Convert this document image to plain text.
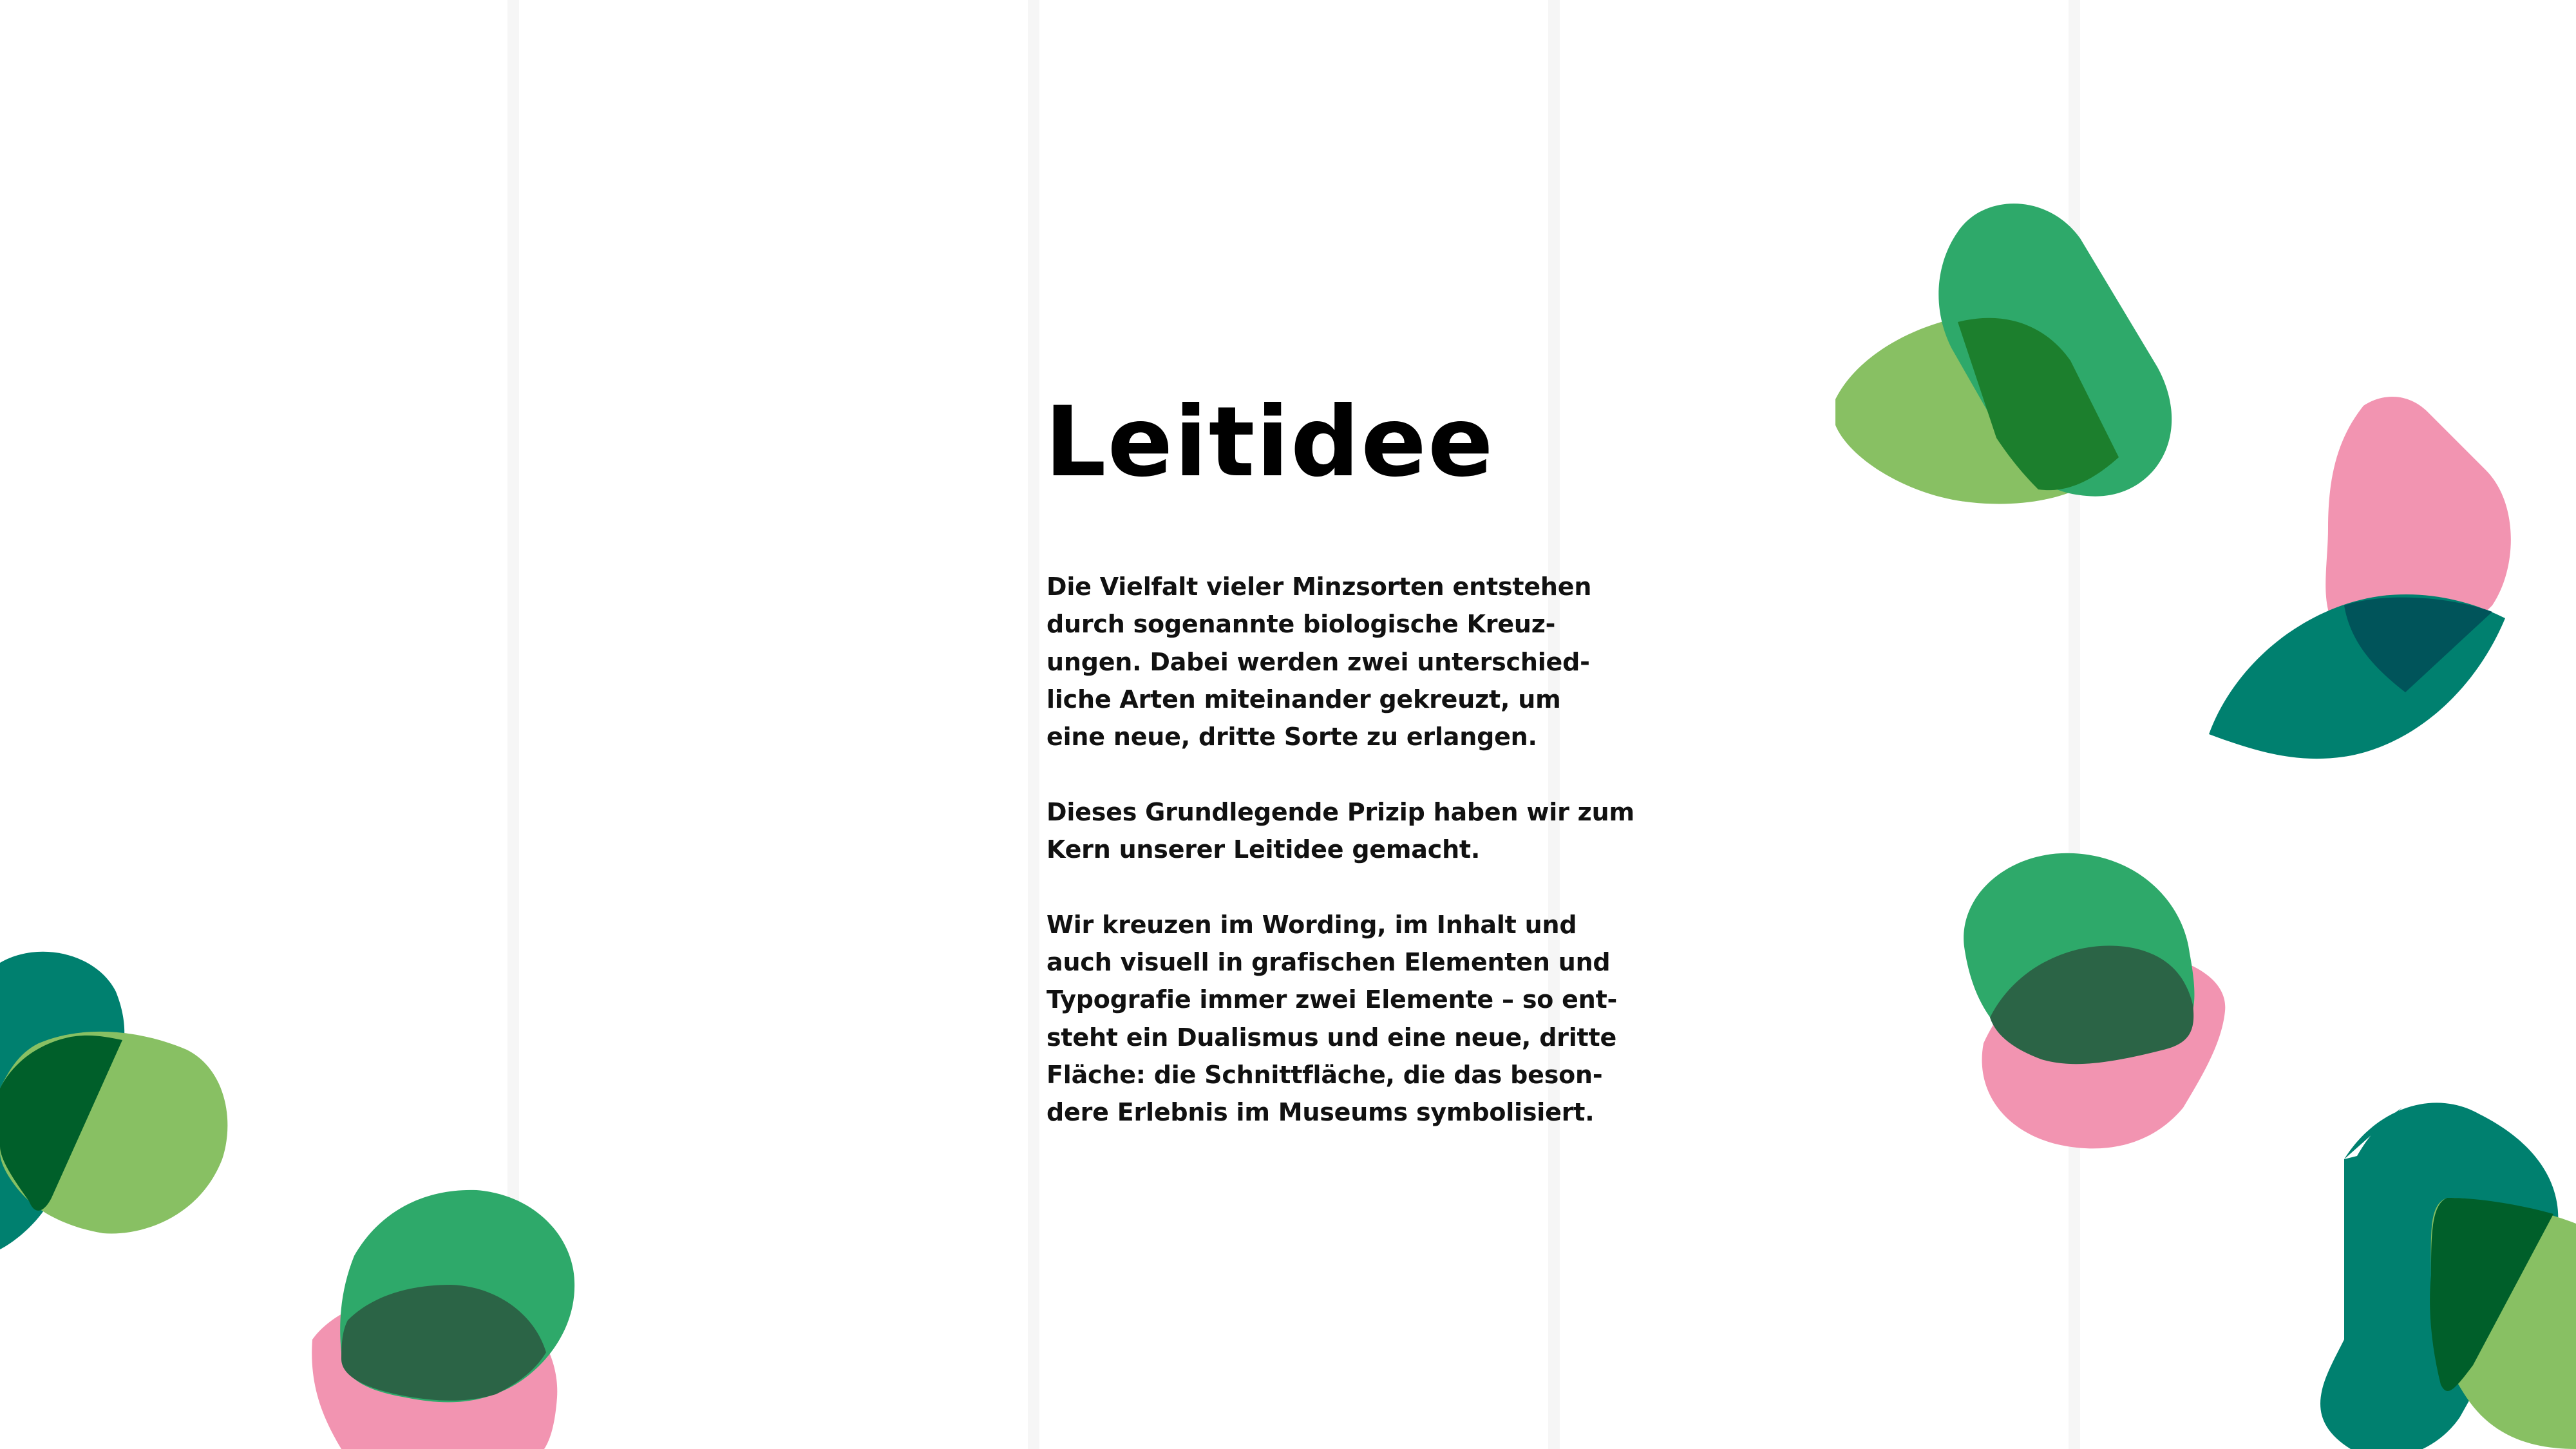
Leitidee

Die Vielfalt vieler Minzsorten entstehen
durch sogenannte biologische Kreuz-
ungen. Dabei werden zwei unterschied-
liche Arten miteinander gekreuzt, um
eine neue, dritte Sorte zu erlangen.

Dieses Grundlegende Prizip haben wir zum
Kern unserer Leitidee gemacht.

Wir kreuzen im Wording, im Inhalt und
auch visuell in grafischen Elementen und
Typografie immer zwei Elemente – so ent-
steht ein Dualismus und eine neue, dritte
Fläche: die Schnittfläche, die das beson-
dere Erlebnis im Museums symbolisiert.
